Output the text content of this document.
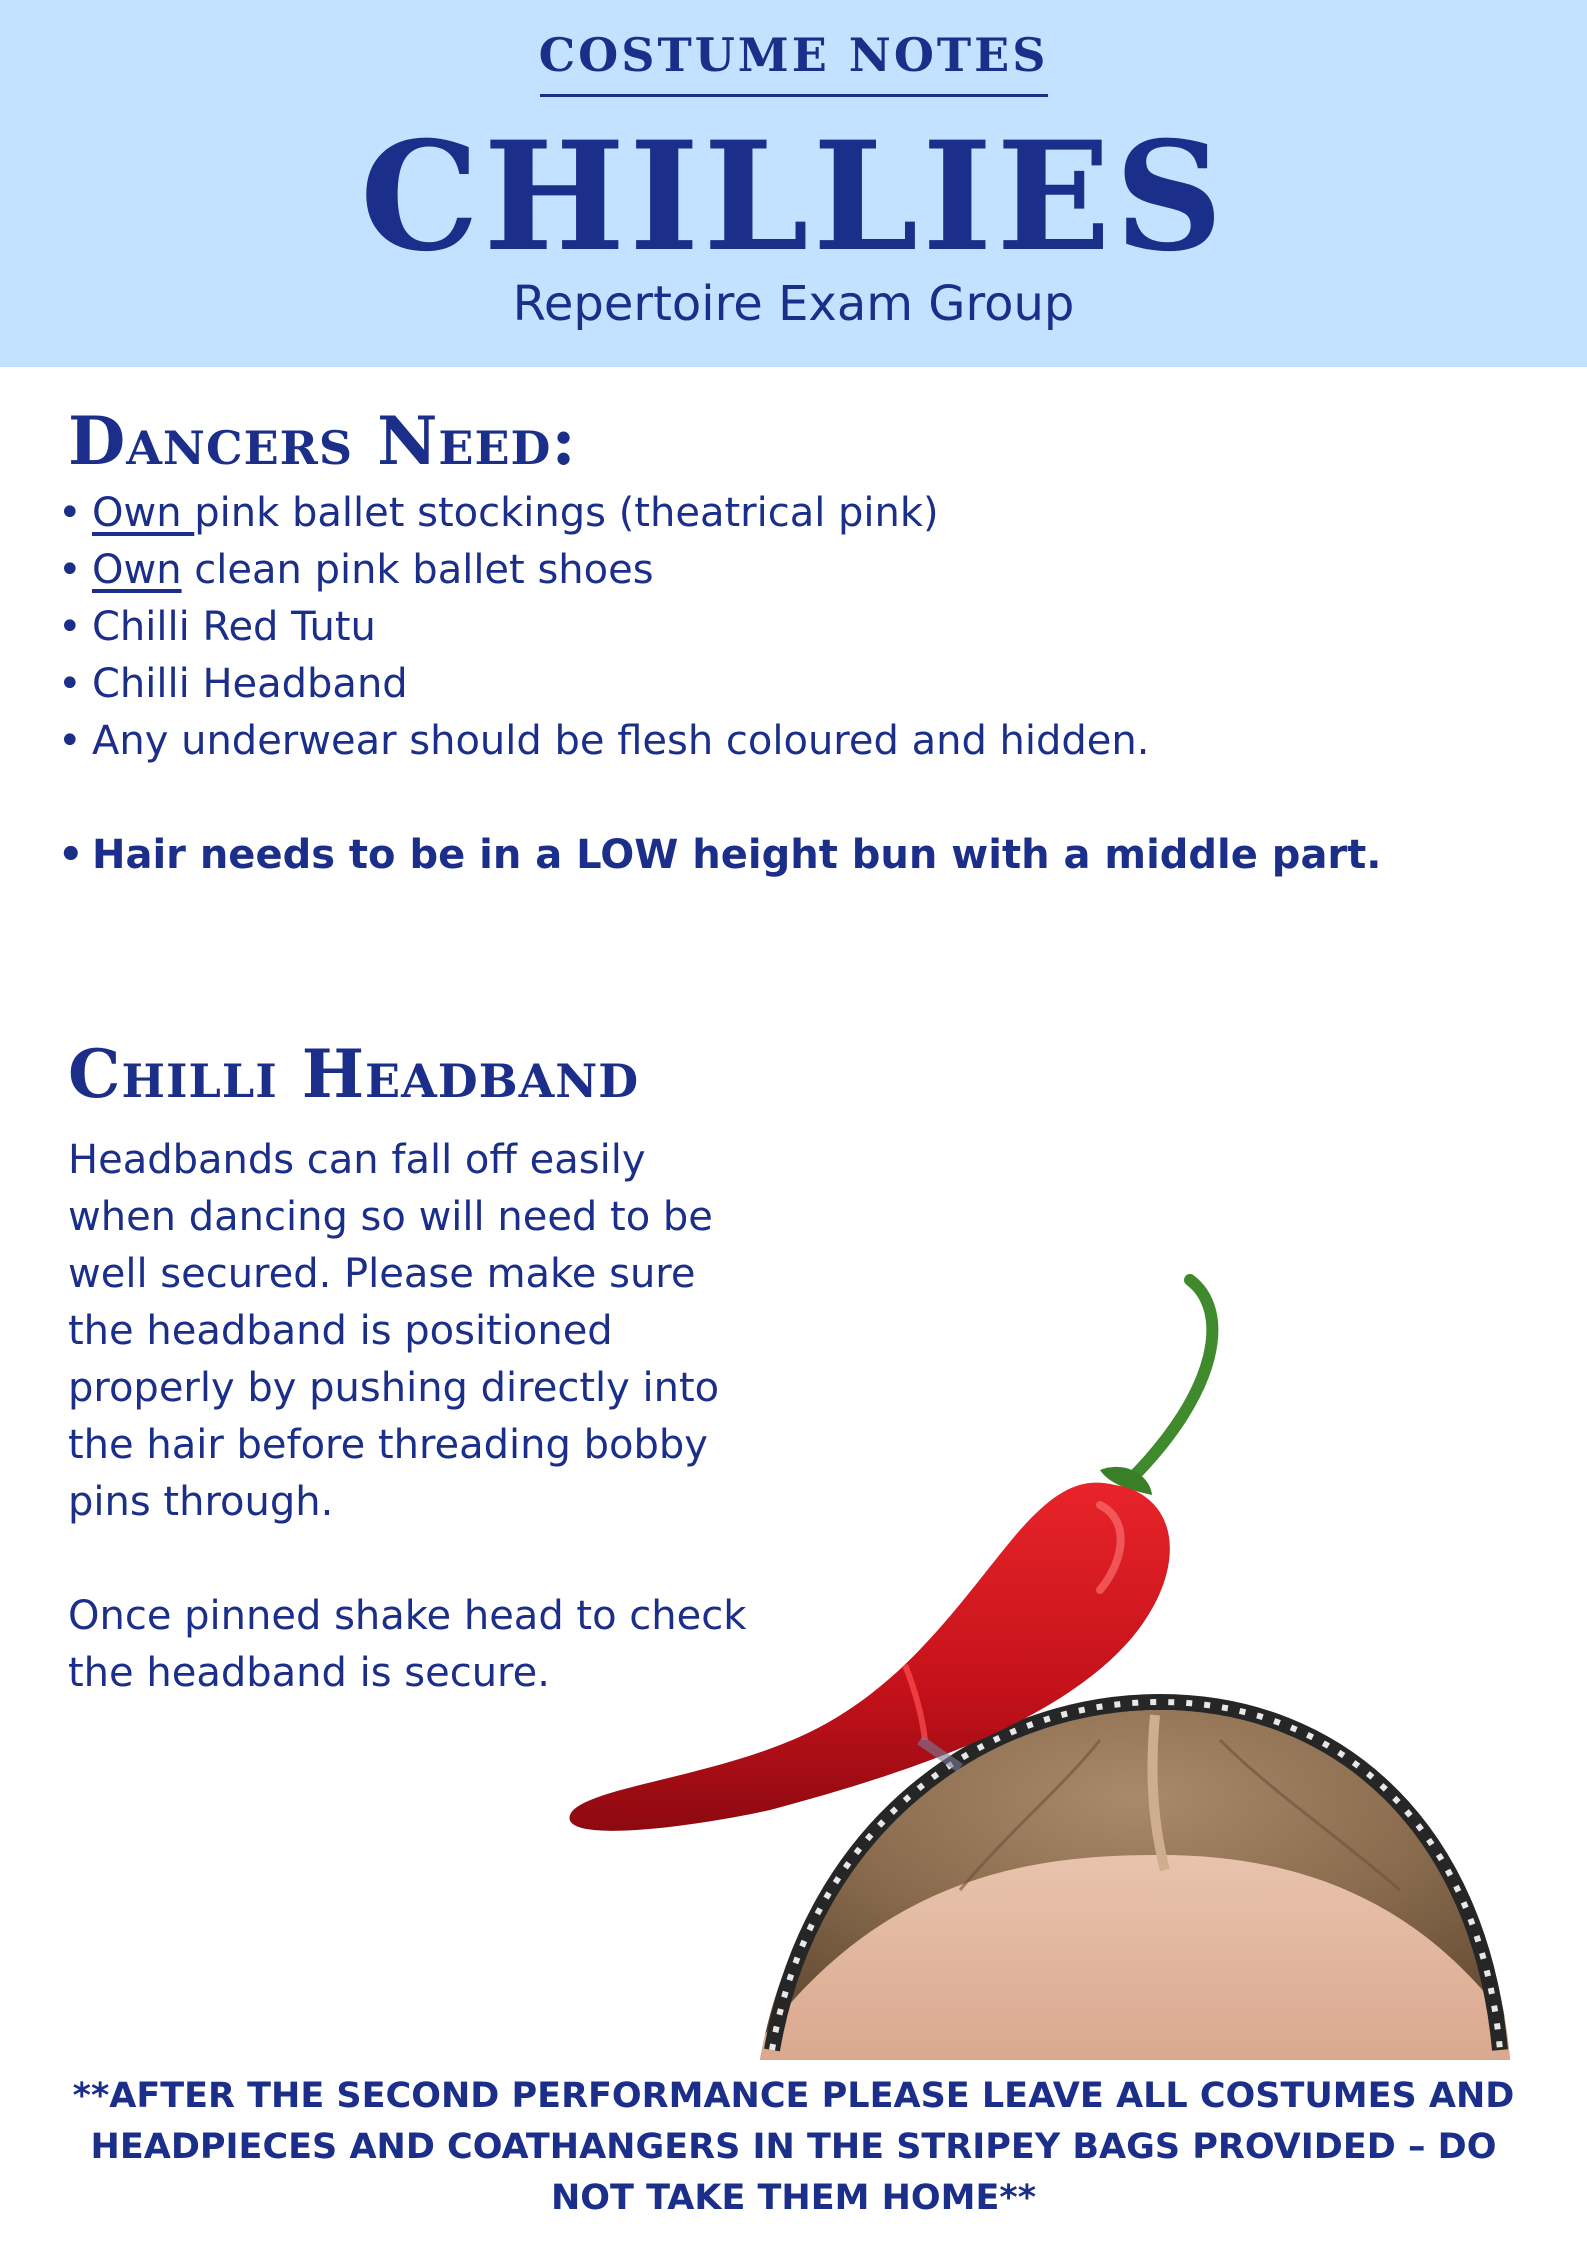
COSTUME NOTES
CHILLIES
Repertoire Exam Group
Dancers Need:
• Own pink ballet stockings (theatrical pink)
• Own clean pink ballet shoes
• Chilli Red Tutu
• Chilli Headband
• Any underwear should be flesh coloured and hidden.
• Hair needs to be in a LOW height bun with a middle part.
Chilli Headband

Headbands can fall off easily when dancing so will need to be well secured. Please make sure the headband is positioned properly by pushing directly into the hair before threading bobby pins through.

Once pinned shake head to check the headband is secure.

**AFTER THE SECOND PERFORMANCE PLEASE LEAVE ALL COSTUMES AND HEADPIECES AND COATHANGERS IN THE STRIPEY BAGS PROVIDED – DO NOT TAKE THEM HOME**
